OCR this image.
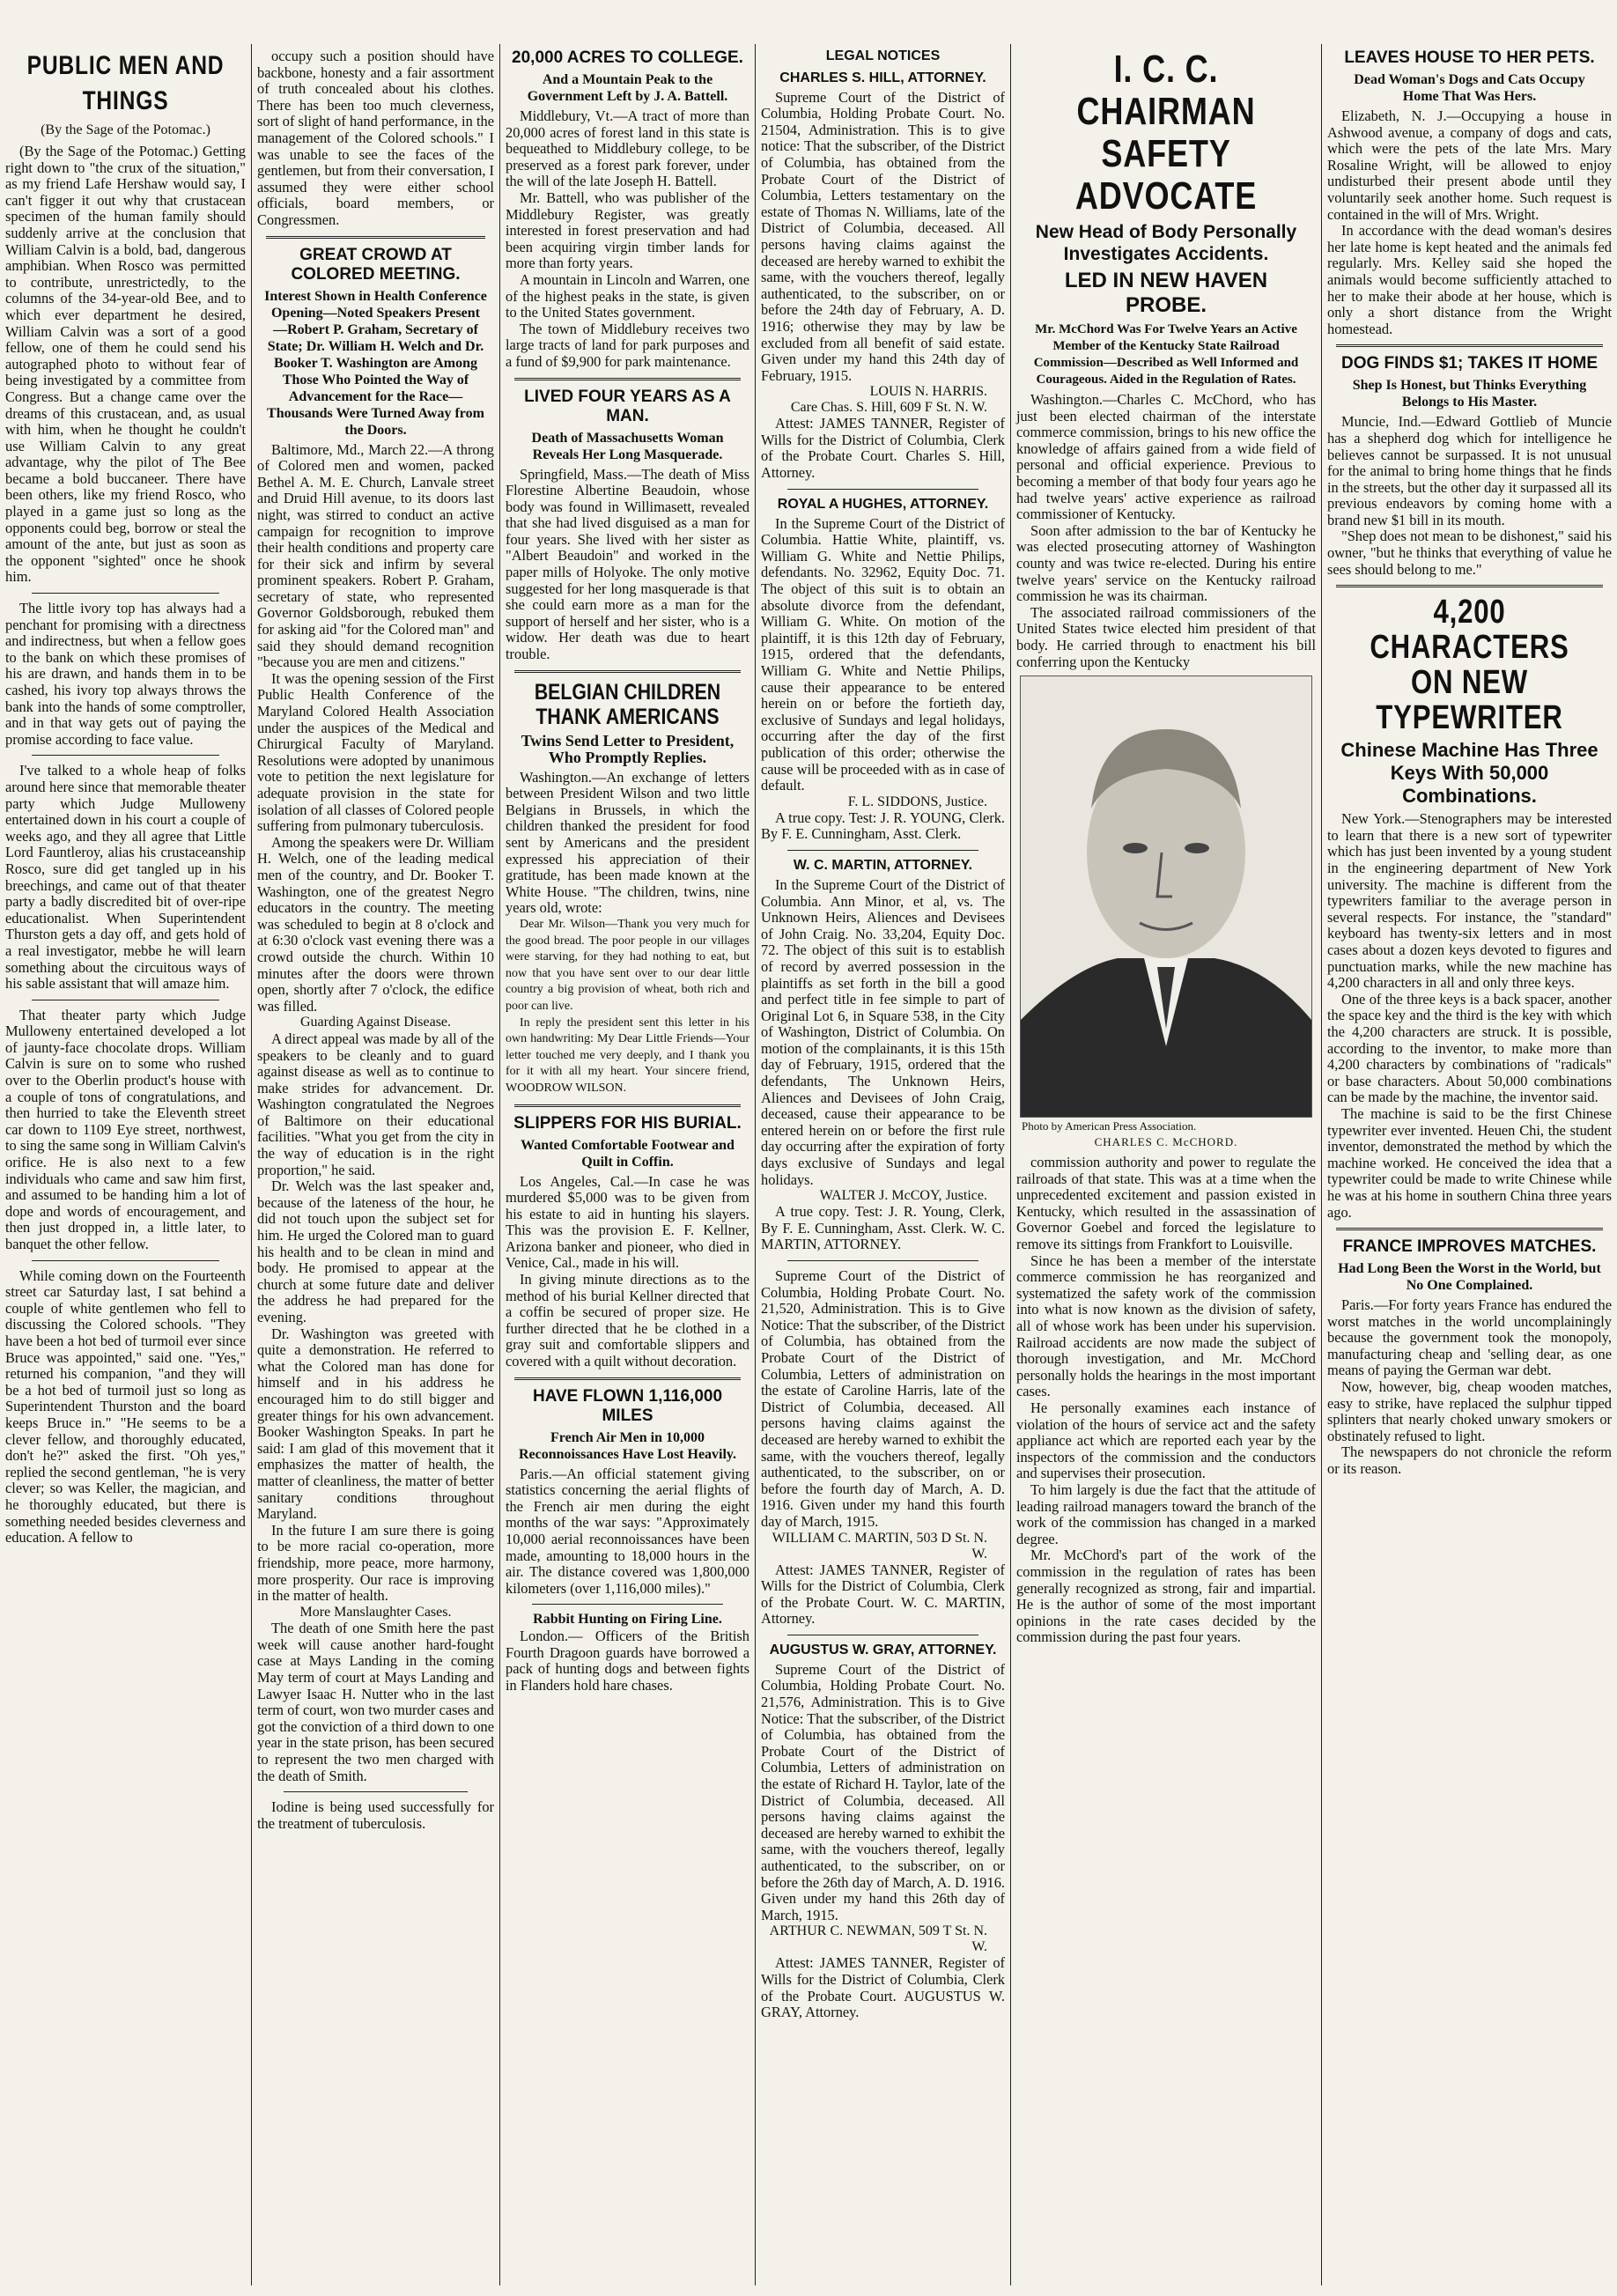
PUBLIC MEN AND THINGS
(By the Sage of the Potomac.)

(By the Sage of the Potomac.) Getting right down to "the crux of the situation," as my friend Lafe Hershaw would say, I can't figger it out why that crustacean specimen of the human family should suddenly arrive at the conclusion that William Calvin is a bold, bad, dangerous amphibian. When Rosco was permitted to contribute, unrestrictedly, to the columns of the 34-year-old Bee, and to which ever department he desired, William Calvin was a sort of a good fellow, one of them he could send his autographed photo to without fear of being investigated by a committee from Congress. But a change came over the dreams of this crustacean, and, as usual with him, when he thought he couldn't use William Calvin to any great advantage, why the pilot of The Bee became a bold buccaneer. There have been others, like my friend Rosco, who played in a game just so long as the opponents could beg, borrow or steal the amount of the ante, but just as soon as the opponent "sighted" once he shook him.

The little ivory top has always had a penchant for promising with a directness and indirectness, but when a fellow goes to the bank on which these promises of his are drawn, and hands them in to be cashed, his ivory top always throws the bank into the hands of some comptroller, and in that way gets out of paying the promise according to face value.

I've talked to a whole heap of folks around here since that memorable theater party which Judge Mulloweny entertained down in his court a couple of weeks ago, and they all agree that Little Lord Fauntleroy, alias his crustaceanship Rosco, sure did get tangled up in his breechings, and came out of that theater party a badly discredited bit of over-ripe educationalist. When Superintendent Thurston gets a day off, and gets hold of a real investigator, mebbe he will learn something about the circuitous ways of his sable assistant that will amaze him.

That theater party which Judge Mulloweny entertained developed a lot of jaunty-face chocolate drops. William Calvin is sure on to some who rushed over to the Oberlin product's house with a couple of tons of congratulations, and then hurried to take the Eleventh street car down to 1109 Eye street, northwest, to sing the same song in William Calvin's orifice. He is also next to a few individuals who came and saw him first, and assumed to be handing him a lot of dope and words of encouragement, and then just dropped in, a little later, to banquet the other fellow.

While coming down on the Fourteenth street car Saturday last, I sat behind a couple of white gentlemen who fell to discussing the Colored schools. "They have been a hot bed of turmoil ever since Bruce was appointed," said one. "Yes," returned his companion, "and they will be a hot bed of turmoil just so long as Superintendent Thurston and the board keeps Bruce in." "He seems to be a clever fellow, and thoroughly educated, don't he?" asked the first. "Oh yes," replied the second gentleman, "he is very clever; so was Keller, the magician, and he thoroughly educated, but there is something needed besides cleverness and education. A fellow to

occupy such a position should have backbone, honesty and a fair assortment of truth concealed about his clothes. There has been too much cleverness, sort of slight of hand performance, in the management of the Colored schools." I was unable to see the faces of the gentlemen, but from their conversation, I assumed they were either school officials, board members, or Congressmen.

GREAT CROWD AT COLORED MEETING.
Interest Shown in Health Conference Opening—Noted Speakers Present—Robert P. Graham, Secretary of State; Dr. William H. Welch and Dr. Booker T. Washington are Among Those Who Pointed the Way of Advancement for the Race— Thousands Were Turned Away from the Doors.

Baltimore, Md., March 22.—A throng of Colored men and women, packed Bethel A. M. E. Church, Lanvale street and Druid Hill avenue, to its doors last night, was stirred to conduct an active campaign for recognition to improve their health conditions and property care for their sick and infirm by several prominent speakers. Robert P. Graham, secretary of state, who represented Governor Goldsborough, rebuked them for asking aid "for the Colored man" and said they should demand recognition "because you are men and citizens."

It was the opening session of the First Public Health Conference of the Maryland Colored Health Association under the auspices of the Medical and Chirurgical Faculty of Maryland. Resolutions were adopted by unanimous vote to petition the next legislature for adequate provision in the state for isolation of all classes of Colored people suffering from pulmonary tuberculosis.

Among the speakers were Dr. William H. Welch, one of the leading medical men of the country, and Dr. Booker T. Washington, one of the greatest Negro educators in the country. The meeting was scheduled to begin at 8 o'clock and at 6:30 o'clock vast evening there was a crowd outside the church. Within 10 minutes after the doors were thrown open, shortly after 7 o'clock, the edifice was filled.

Guarding Against Disease.

A direct appeal was made by all of the speakers to be cleanly and to guard against disease as well as to continue to make strides for advancement. Dr. Washington congratulated the Negroes of Baltimore on their educational facilities. "What you get from the city in the way of education is in the right proportion," he said.

Dr. Welch was the last speaker and, because of the lateness of the hour, he did not touch upon the subject set for him. He urged the Colored man to guard his health and to be clean in mind and body. He promised to appear at the church at some future date and deliver the address he had prepared for the evening.

Dr. Washington was greeted with quite a demonstration. He referred to what the Colored man has done for himself and in his address he encouraged him to do still bigger and greater things for his own advancement. Booker Washington Speaks. In part he said: I am glad of this movement that it emphasizes the matter of health, the matter of cleanliness, the matter of better sanitary conditions throughout Maryland.

In the future I am sure there is going to be more racial co-operation, more friendship, more peace, more harmony, more prosperity. Our race is improving in the matter of health.

More Manslaughter Cases.

The death of one Smith here the past week will cause another hard-fought case at Mays Landing in the coming May term of court at Mays Landing and Lawyer Isaac H. Nutter who in the last term of court, won two murder cases and got the conviction of a third down to one year in the state prison, has been secured to represent the two men charged with the death of Smith.

Iodine is being used successfully for the treatment of tuberculosis.

20,000 ACRES TO COLLEGE.
And a Mountain Peak to the Government Left by J. A. Battell.

Middlebury, Vt.—A tract of more than 20,000 acres of forest land in this state is bequeathed to Middlebury college, to be preserved as a forest park forever, under the will of the late Joseph H. Battell.

Mr. Battell, who was publisher of the Middlebury Register, was greatly interested in forest preservation and had been acquiring virgin timber lands for more than forty years.

A mountain in Lincoln and Warren, one of the highest peaks in the state, is given to the United States government.

The town of Middlebury receives two large tracts of land for park purposes and a fund of $9,900 for park maintenance.

LIVED FOUR YEARS AS A MAN.
Death of Massachusetts Woman Reveals Her Long Masquerade.

Springfield, Mass.—The death of Miss Florestine Albertine Beaudoin, whose body was found in Willimasett, revealed that she had lived disguised as a man for four years. She lived with her sister as "Albert Beaudoin" and worked in the paper mills of Holyoke. The only motive suggested for her long masquerade is that she could earn more as a man for the support of herself and her sister, who is a widow. Her death was due to heart trouble.

BELGIAN CHILDREN
THANK AMERICANS
Twins Send Letter to President, Who Promptly Replies.

Washington.—An exchange of letters between President Wilson and two little Belgians in Brussels, in which the children thanked the president for food sent by Americans and the president expressed his appreciation of their gratitude, has been made known at the White House. "The children, twins, nine years old, wrote:

Dear Mr. Wilson—Thank you very much for the good bread. The poor people in our villages were starving, for they had nothing to eat, but now that you have sent over to our dear little country a big provision of wheat, both rich and poor can live.

In reply the president sent this letter in his own handwriting: My Dear Little Friends—Your letter touched me very deeply, and I thank you for it with all my heart. Your sincere friend, WOODROW WILSON.

SLIPPERS FOR HIS BURIAL.
Wanted Comfortable Footwear and Quilt in Coffin.

Los Angeles, Cal.—In case he was murdered $5,000 was to be given from his estate to aid in hunting his slayers. This was the provision E. F. Kellner, Arizona banker and pioneer, who died in Venice, Cal., made in his will.

In giving minute directions as to the method of his burial Kellner directed that a coffin be secured of proper size. He further directed that he be clothed in a gray suit and comfortable slippers and covered with a quilt without decoration.

HAVE FLOWN 1,116,000 MILES
French Air Men in 10,000 Reconnoissances Have Lost Heavily.

Paris.—An official statement giving statistics concerning the aerial flights of the French air men during the eight months of the war says: "Approximately 10,000 aerial reconnoissances have been made, amounting to 18,000 hours in the air. The distance covered was 1,800,000 kilometers (over 1,116,000 miles)."

Rabbit Hunting on Firing Line.

London.— Officers of the British Fourth Dragoon guards have borrowed a pack of hunting dogs and between fights in Flanders hold hare chases.

LEGAL NOTICES
CHARLES S. HILL, ATTORNEY.

Supreme Court of the District of Columbia, Holding Probate Court. No. 21504, Administration. This is to give notice: That the subscriber, of the District of Columbia, has obtained from the Probate Court of the District of Columbia, Letters testamentary on the estate of Thomas N. Williams, late of the District of Columbia, deceased. All persons having claims against the deceased are hereby warned to exhibit the same, with the vouchers thereof, legally authenticated, to the subscriber, on or before the 24th day of February, A. D. 1916; otherwise they may by law be excluded from all benefit of said estate. Given under my hand this 24th day of February, 1915.

LOUIS N. HARRIS.
Care Chas. S. Hill, 609 F St. N. W.

Attest: JAMES TANNER, Register of Wills for the District of Columbia, Clerk of the Probate Court. Charles S. Hill, Attorney.

ROYAL A HUGHES, ATTORNEY.

In the Supreme Court of the District of Columbia. Hattie White, plaintiff, vs. William G. White and Nettie Philips, defendants. No. 32962, Equity Doc. 71. The object of this suit is to obtain an absolute divorce from the defendant, William G. White. On motion of the plaintiff, it is this 12th day of February, 1915, ordered that the defendants, William G. White and Nettie Philips, cause their appearance to be entered herein on or before the fortieth day, exclusive of Sundays and legal holidays, occurring after the day of the first publication of this order; otherwise the cause will be proceeded with as in case of default.

F. L. SIDDONS, Justice.

A true copy. Test: J. R. YOUNG, Clerk. By F. E. Cunningham, Asst. Clerk.

W. C. MARTIN, ATTORNEY.

In the Supreme Court of the District of Columbia. Ann Minor, et al, vs. The Unknown Heirs, Aliences and Devisees of John Craig. No. 33,204, Equity Doc. 72. The object of this suit is to establish of record by averred possession in the plaintiffs as set forth in the bill a good and perfect title in fee simple to part of Original Lot 6, in Square 538, in the City of Washington, District of Columbia. On motion of the complainants, it is this 15th day of February, 1915, ordered that the defendants, The Unknown Heirs, Aliences and Devisees of John Craig, deceased, cause their appearance to be entered herein on or before the first rule day occurring after the expiration of forty days exclusive of Sundays and legal holidays.

WALTER J. McCOY, Justice.

A true copy. Test: J. R. Young, Clerk, By F. E. Cunningham, Asst. Clerk. W. C. MARTIN, ATTORNEY.

Supreme Court of the District of Columbia, Holding Probate Court. No. 21,520, Administration. This is to Give Notice: That the subscriber, of the District of Columbia, has obtained from the Probate Court of the District of Columbia, Letters of administration on the estate of Caroline Harris, late of the District of Columbia, deceased. All persons having claims against the deceased are hereby warned to exhibit the same, with the vouchers thereof, legally authenticated, to the subscriber, on or before the fourth day of March, A. D. 1916. Given under my hand this fourth day of March, 1915.

WILLIAM C. MARTIN, 503 D St. N. W.

Attest: JAMES TANNER, Register of Wills for the District of Columbia, Clerk of the Probate Court. W. C. MARTIN, Attorney.

AUGUSTUS W. GRAY, ATTORNEY.

Supreme Court of the District of Columbia, Holding Probate Court. No. 21,576, Administration. This is to Give Notice: That the subscriber, of the District of Columbia, has obtained from the Probate Court of the District of Columbia, Letters of administration on the estate of Richard H. Taylor, late of the District of Columbia, deceased. All persons having claims against the deceased are hereby warned to exhibit the same, with the vouchers thereof, legally authenticated, to the subscriber, on or before the 26th day of March, A. D. 1916. Given under my hand this 26th day of March, 1915.

ARTHUR C. NEWMAN, 509 T St. N. W.

Attest: JAMES TANNER, Register of Wills for the District of Columbia, Clerk of the Probate Court. AUGUSTUS W. GRAY, Attorney.

I. C. C. CHAIRMAN
SAFETY ADVOCATE
New Head of Body Personally Investigates Accidents.
LED IN NEW HAVEN PROBE.
Mr. McChord Was For Twelve Years an Active Member of the Kentucky State Railroad Commission—Described as Well Informed and Courageous. Aided in the Regulation of Rates.

Washington.—Charles C. McChord, who has just been elected chairman of the interstate commerce commission, brings to his new office the knowledge of affairs gained from a wide field of personal and official experience. Previous to becoming a member of that body four years ago he had twelve years' active experience as railroad commissioner of Kentucky.

Soon after admission to the bar of Kentucky he was elected prosecuting attorney of Washington county and was twice re-elected. During his entire twelve years' service on the Kentucky railroad commission he was its chairman.

The associated railroad commissioners of the United States twice elected him president of that body. He carried through to enactment his bill conferring upon the Kentucky

Photo by American Press Association.
CHARLES C. McCHORD.

commission authority and power to regulate the railroads of that state. This was at a time when the unprecedented excitement and passion existed in Kentucky, which resulted in the assassination of Governor Goebel and forced the legislature to remove its sittings from Frankfort to Louisville.

Since he has been a member of the interstate commerce commission he has reorganized and systematized the safety work of the commission into what is now known as the division of safety, all of whose work has been under his supervision. Railroad accidents are now made the subject of thorough investigation, and Mr. McChord personally holds the hearings in the most important cases.

He personally examines each instance of violation of the hours of service act and the safety appliance act which are reported each year by the inspectors of the commission and the conductors and supervises their prosecution.

To him largely is due the fact that the attitude of leading railroad managers toward the branch of the work of the commission has changed in a marked degree.

Mr. McChord's part of the work of the commission in the regulation of rates has been generally recognized as strong, fair and impartial. He is the author of some of the most important opinions in the rate cases decided by the commission during the past four years.

LEAVES HOUSE TO HER PETS.
Dead Woman's Dogs and Cats Occupy Home That Was Hers.

Elizabeth, N. J.—Occupying a house in Ashwood avenue, a company of dogs and cats, which were the pets of the late Mrs. Mary Rosaline Wright, will be allowed to enjoy undisturbed their present abode until they voluntarily seek another home. Such request is contained in the will of Mrs. Wright.

In accordance with the dead woman's desires her late home is kept heated and the animals fed regularly. Mrs. Kelley said she hoped the animals would become sufficiently attached to her to make their abode at her house, which is only a short distance from the Wright homestead.

DOG FINDS $1; TAKES IT HOME
Shep Is Honest, but Thinks Everything Belongs to His Master.

Muncie, Ind.—Edward Gottlieb of Muncie has a shepherd dog which for intelligence he believes cannot be surpassed. It is not unusual for the animal to bring home things that he finds in the streets, but the other day it surpassed all its previous endeavors by coming home with a brand new $1 bill in its mouth.

"Shep does not mean to be dishonest," said his owner, "but he thinks that everything of value he sees should belong to me."

4,200 CHARACTERS
ON NEW TYPEWRITER
Chinese Machine Has Three Keys With 50,000 Combinations.

New York.—Stenographers may be interested to learn that there is a new sort of typewriter which has just been invented by a young student in the engineering department of New York university. The machine is different from the typewriters familiar to the average person in several respects. For instance, the "standard" keyboard has twenty-six letters and in most cases about a dozen keys devoted to figures and punctuation marks, while the new machine has 4,200 characters in all and only three keys.

One of the three keys is a back spacer, another the space key and the third is the key with which the 4,200 characters are struck. It is possible, according to the inventor, to make more than 4,200 characters by combinations of "radicals" or base characters. About 50,000 combinations can be made by the machine, the inventor said.

The machine is said to be the first Chinese typewriter ever invented. Heuen Chi, the student inventor, demonstrated the method by which the machine worked. He conceived the idea that a typewriter could be made to write Chinese while he was at his home in southern China three years ago.

FRANCE IMPROVES MATCHES.
Had Long Been the Worst in the World, but No One Complained.

Paris.—For forty years France has endured the worst matches in the world uncomplainingly because the government took the monopoly, manufacturing cheap and 'selling dear, as one means of paying the German war debt.

Now, however, big, cheap wooden matches, easy to strike, have replaced the sulphur tipped splinters that nearly choked unwary smokers or obstinately refused to light.

The newspapers do not chronicle the reform or its reason.
